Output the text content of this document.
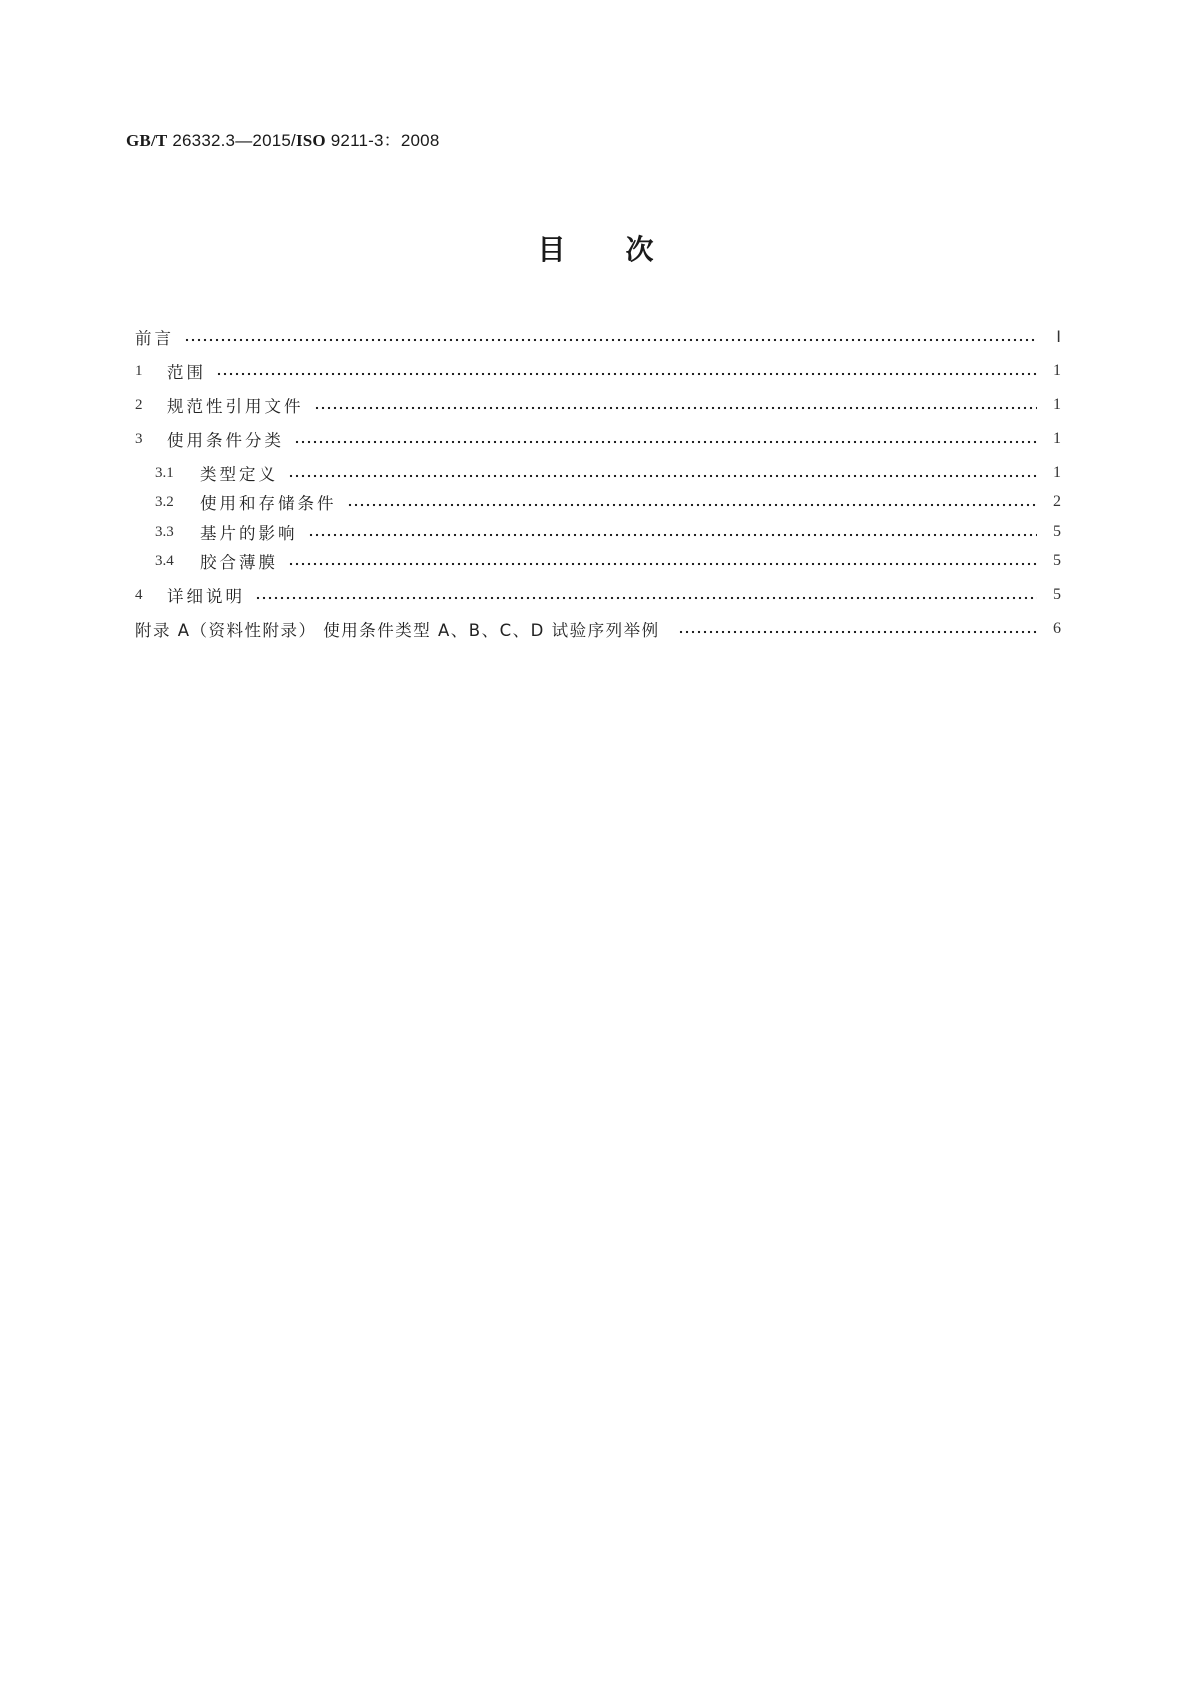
GB/T 26332.3—2015/ISO 9211-3：2008
目 次
前言	Ⅰ
1	范围	1
2	规范性引用文件	1
3	使用条件分类	1
3.1	类型定义	1
3.2	使用和存储条件	2
3.3	基片的影响	5
3.4	胶合薄膜	5
4	详细说明	5
附录 A（资料性附录） 使用条件类型 A、B、C、D 试验序列举例	6
